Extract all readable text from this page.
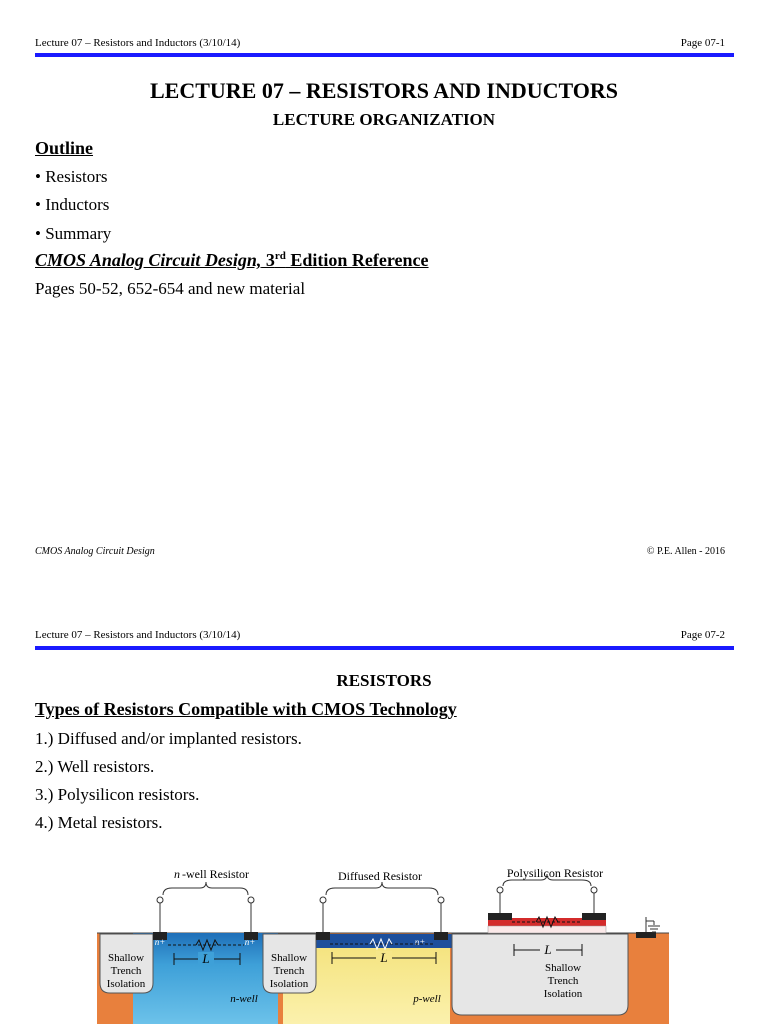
Lecture 07 – Resistors and Inductors (3/10/14)	Page 07-1
LECTURE 07 – RESISTORS AND INDUCTORS
LECTURE ORGANIZATION
Outline
• Resistors
• Inductors
• Summary
CMOS Analog Circuit Design, 3rd Edition Reference
Pages 50-52, 652-654 and new material
CMOS Analog Circuit Design	© P.E. Allen - 2016
Lecture 07 – Resistors and Inductors (3/10/14)	Page 07-2
RESISTORS
Types of Resistors Compatible with CMOS Technology
1.) Diffused and/or implanted resistors.
2.) Well resistors.
3.) Polysilicon resistors.
4.) Metal resistors.
Shallow
Trench
Isolation
Shallow
Trench
Isolation
Shallow
Trench
Isolation
n+	n+
L
n-well
n -well Resistor
n+
L
p-well
Diffused Resistor
L
Polysilicon Resistor
